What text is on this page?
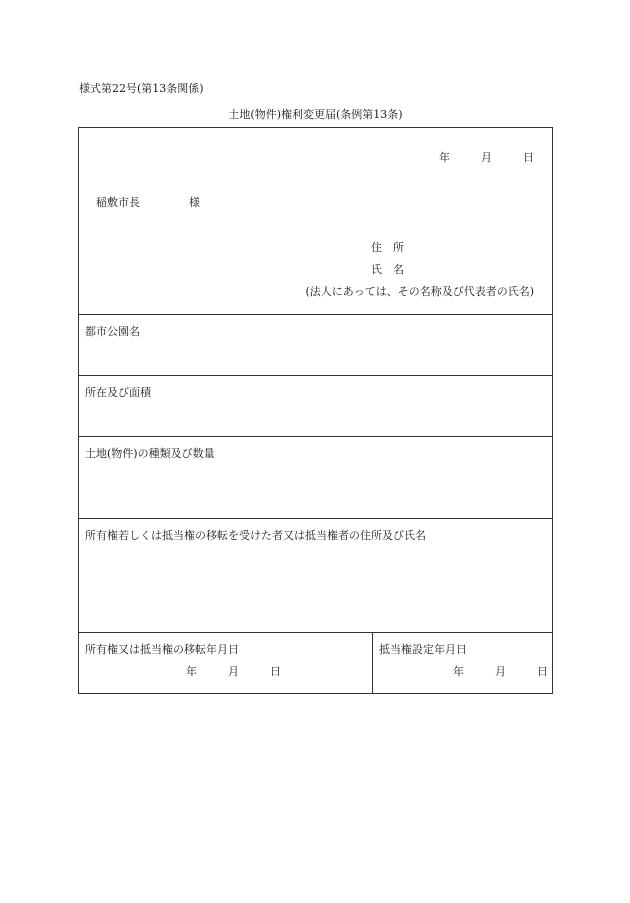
様式第22号(第13条関係)
土地(物件)権利変更届(条例第13条)
年	月	日
稲敷市長	様
住　所
氏　名
(法人にあっては、その名称及び代表者の氏名)

都市公園名

所在及び面積

土地(物件)の種類及び数量

所有権若しくは抵当権の移転を受けた者又は抵当権者の住所及び氏名

所有権又は抵当権の移転年月日
年	月	日

抵当権設定年月日
年	月	日
